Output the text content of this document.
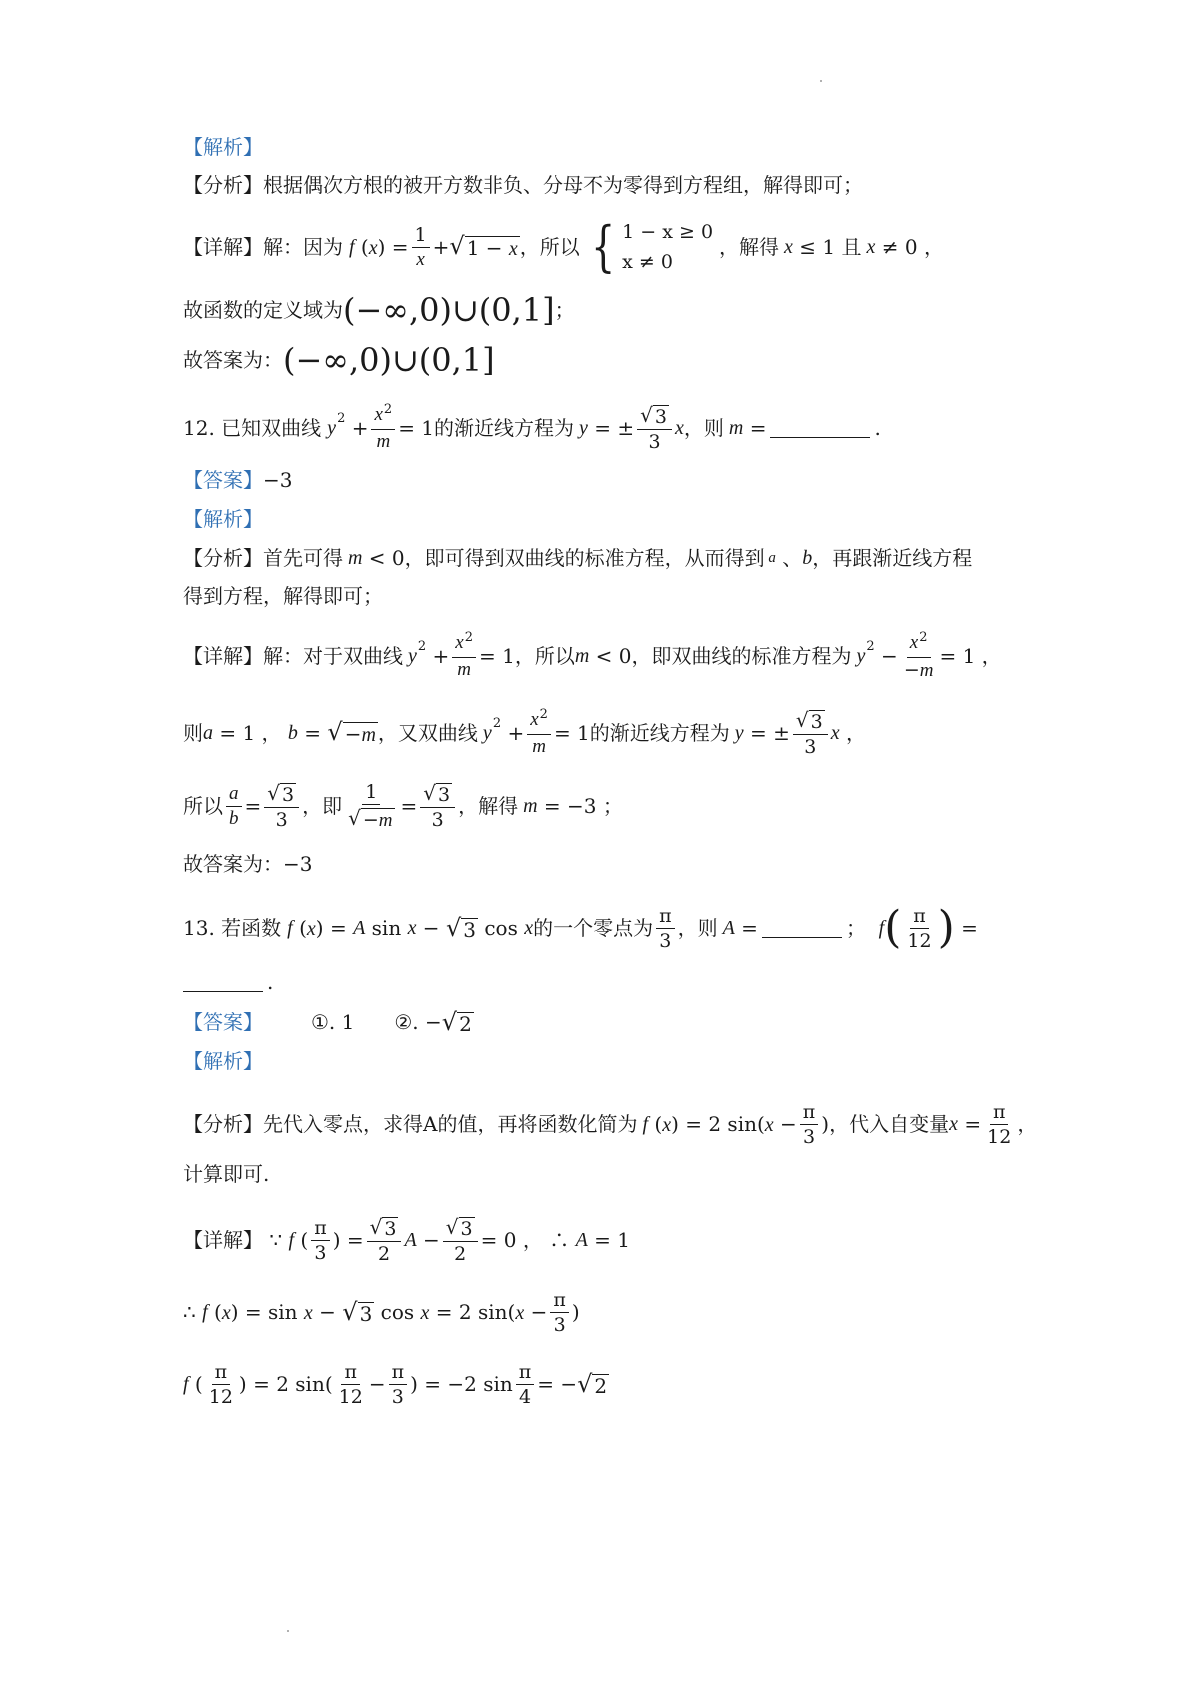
【解析】
【分析】 根据偶次方根的被开方数非负、分母不为零得到方程组，解得即可；
【详解】 解：因为 f $(x) = \frac{1}{x}$ + √ 1 − x ，所以 { 1 − x ≥ 0
x ≠ 0
，解得 x ≤ 1 且 x ≠ 0 ，
故函数的定义域为 (−∞,0)∪(0,1] ；
故答案为： (−∞,0)∪(0,1]
12. 已知双曲线 y $2 + \frac{x^2}{m} = 1$ 的渐近线方程为 y = ± $\frac{√ 3}{3}$ x ，则 m =	.
【答案】 −3
【解析】
【分析】 首先可得 m < 0 ，即可得到双曲线的标准方程，从而得到 a 、 b ，再跟渐近线方程
得到方程，解得即可；
【详解】 解：对于双曲线 y $2 + \frac{x^2}{m} = 1$ ，所以 m < 0 ，即双曲线的标准方程为 y $2 - \frac{x^2}{-m} = 1$ ，
则 a = 1 ， b = √ −m ，又双曲线 y $2 + \frac{x^2}{m} = 1$ 的渐近线方程为 y = ± $\frac{√ 3}{3}$ x ，
所以 $\frac{a}{b} = \frac{√ 3}{3}$ ，即 $\frac{1}{√ -m} = \frac{√ 3}{3}$ ，解得 m = −3 ；
故答案为： −3
13. 若函数 f (x) = A sin x − √ 3 cos x 的一个零点为 $\frac{\pi}{3}$ ，则 A =	； f ( $\frac{\pi}{12}$ ) =
.
【答案】 ①. 1 ②. − √ 2
【解析】
【分析】 先代入零点，求得A的值，再将函数化简为 f (x) = 2 $\sin(x - \frac{\pi}{3}$ ) ，代入自变量 $x = \frac{\pi}{12}$ ，
计算即可.
【详解】 ∵ f ( $\frac{\pi}{3}$ ) = $\frac{√ 3}{2}$ $A - \frac{√ 3}{2} = 0$ ， ∴ A = 1
∴ f (x) = sin x − √ 3 cos x = 2 $\sin(x - \frac{\pi}{3}$ )
f ( $\frac{\pi}{12}$ ) = 2 $\sin( \frac{\pi}{12} - \frac{\pi}{3}$ ) = −2 $\sin \frac{\pi}{4}$ = − √ 2
